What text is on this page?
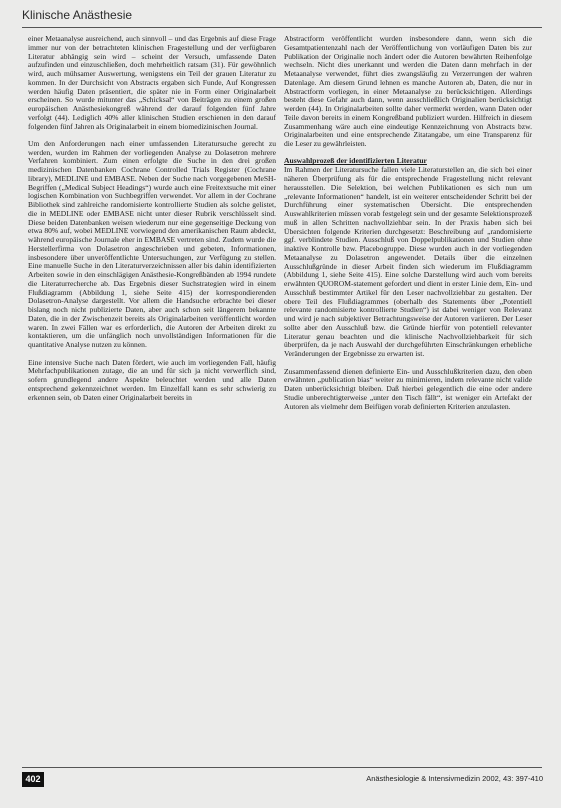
Klinische Anästhesie

einer Metaanalyse ausreichend, auch sinnvoll – und das Ergebnis auf diese Frage immer nur von der betrachteten klinischen Fragestellung und der verfügbaren Literatur abhängig sein wird – scheint der Versuch, umfassende Daten aufzufinden und einzuschließen, doch mehrheitlich ratsam (31). Für gewöhnlich wird, auch mühsamer Auswertung, wenigstens ein Teil der grauen Literatur zu kommen. In der Durchsicht von Abstracts ergaben sich Funde, Auf Kongressen werden häufig Daten präsentiert, die später nie in Form einer Originalarbeit erscheinen. So wurde mitunter das „Schicksal“ von Beiträgen zu einem großen europäischen Anästhesiekongreß während der darauf folgenden fünf Jahre verfolgt (44). Lediglich 40% aller klinischen Studien erschienen in den darauf folgenden fünf Jahren als Originalarbeit in einem biomedizinischen Journal.

Um den Anforderungen nach einer umfassenden Literatursuche gerecht zu werden, wurden im Rahmen der vorliegenden Analyse zu Dolasetron mehrere Verfahren kombiniert. Zum einen erfolgte die Suche in den drei großen medizinischen Datenbanken Cochrane Controlled Trials Register (Cochrane library), MEDLINE und EMBASE. Neben der Suche nach vorgegebenen MeSH-Begriffen („Medical Subject Headings“) wurde auch eine Freitextsuche mit einer logischen Kombination von Suchbegriffen verwendet. Vor allem in der Cochrane Bibliothek sind zahlreiche randomisierte kontrollierte Studien als solche gelistet, die in MEDLINE oder EMBASE nicht unter dieser Rubrik verschlüsselt sind. Diese beiden Datenbanken weisen wiederum nur eine gegenseitige Deckung von etwa 80% auf, wobei MEDLINE vorwiegend den amerikanischen Raum abdeckt, während europäische Journale eher in EMBASE vertreten sind. Zudem wurde die Herstellerfirma von Dolasetron angeschrieben und gebeten, Informationen, insbesondere über unveröffentlichte Untersuchungen, zur Verfügung zu stellen. Eine manuelle Suche in den Literaturverzeichnissen aller bis dahin identifizierten Arbeiten sowie in den einschlägigen Anästhesie-Kongreßbänden ab 1994 rundete die Literaturrecherche ab. Das Ergebnis dieser Suchstrategien wird in einem Flußdiagramm (Abbildung 1, siehe Seite 415) der korrespondierenden Dolasetron-Analyse dargestellt. Vor allem die Handsuche erbrachte bei dieser bislang noch nicht publizierte Daten, aber auch schon seit längerem bekannte Daten, die in der Zwischenzeit bereits als Originalarbeiten veröffentlicht worden waren. In zwei Fällen war es erforderlich, die Autoren der Arbeiten direkt zu kontaktieren, um die unfänglich noch unvollständigen Informationen für die quantitative Analyse nutzen zu können.

Eine intensive Suche nach Daten fördert, wie auch im vorliegenden Fall, häufig Mehrfachpublikationen zutage, die an und für sich ja nicht verwerflich sind, sofern grundlegend andere Aspekte beleuchtet werden und alle Daten entsprechend gekennzeichnet werden. Im Einzelfall kann es sehr schwierig zu erkennen sein, ob Daten einer Originalarbeit bereits in

Abstractform veröffentlicht wurden insbesondere dann, wenn sich die Gesamtpatientenzahl nach der Veröffentlichung von vorläufigen Daten bis zur Publikation der Originalie noch ändert oder die Autoren bewährten Reihenfolge wechseln. Nicht dies unerkannt und werden die Daten dann mehrfach in der Metaanalyse verwendet, führt dies zwangsläufig zu Verzerrungen der wahren Datenlage. Am diesem Grund lehnen es manche Autoren ab, Daten, die nur in Abstractform vorliegen, in einer Metaanalyse zu berücksichtigen. Allerdings besteht diese Gefahr auch dann, wenn ausschließlich Originalien berücksichtigt werden (44). In Originalarbeiten sollte daher vermerkt werden, wann Daten oder Teile davon bereits in einem Kongreßband publiziert wurden. Hilfreich in diesem Zusammenhang wäre auch eine eindeutige Kennzeichnung von Abstracts bzw. Originalarbeiten und eine entsprechende Zitatangabe, um eine Transparenz für die Leser zu gewährleisten.

Auswahlprozeß der identifizierten Literatur

Im Rahmen der Literatursuche fallen viele Literaturstellen an, die sich bei einer näheren Überprüfung als für die entsprechende Fragestellung nicht relevant herausstellen. Die Selektion, bei welchen Publikationen es sich nun um „relevante Informationen“ handelt, ist ein weiterer entscheidender Schritt bei der Durchführung einer systematischen Übersicht. Die entsprechenden Auswahlkriterien müssen vorab festgelegt sein und der gesamte Selektionsprozeß muß in allen Schritten nachvollziehbar sein. In der Praxis haben sich bei Übersichten folgende Kriterien durchgesetzt: Beschreibung auf „randomisierte ggf. verblindete Studien. Ausschluß von Doppelpublikationen und Studien ohne inaktive Kontrolle bzw. Placebogruppe. Diese wurden auch in der vorliegenden Metaanalyse zu Dolasetron angewendet. Details über die einzelnen Ausschlußgründe in dieser Arbeit finden sich wiederum im Flußdiagramm (Abbildung 1, siehe Seite 415). Eine solche Darstellung wird auch vom bereits erwähnten QUOROM-statement gefordert und dient in erster Linie dem, Ein- und Ausschluß bestimmter Artikel für den Leser nachvollziehbar zu gestalten. Der obere Teil des Flußdiagrammes (oberhalb des Statements über „Potentiell relevante randomisierte kontrollierte Studien“) ist dabei weniger von Relevanz und wird je nach subjektiver Betrachtungsweise der Autoren variieren. Der Leser sollte aber den Ausschluß bzw. die Gründe hierfür von potentiell relevanter Literatur genau beachten und die klinische Nachvollziehbarkeit für sich überprüfen, da je nach Auswahl der durchgeführten Einschränkungen erhebliche Veränderungen der Ergebnisse zu erwarten ist.

Zusammenfassend dienen definierte Ein- und Ausschlußkriterien dazu, den oben erwähnten „publication bias“ weiter zu minimieren, indem relevante nicht valide Daten unberücksichtigt bleiben. Daß hierbei gelegentlich die eine oder andere Studie unberechtigterweise „unter den Tisch fällt“, ist weniger ein Artefakt der Autoren als vielmehr dem Beifügen vorab definierten Kriterien anzulasten.

402	Anästhesiologie & Intensivmedizin 2002, 43: 397-410
